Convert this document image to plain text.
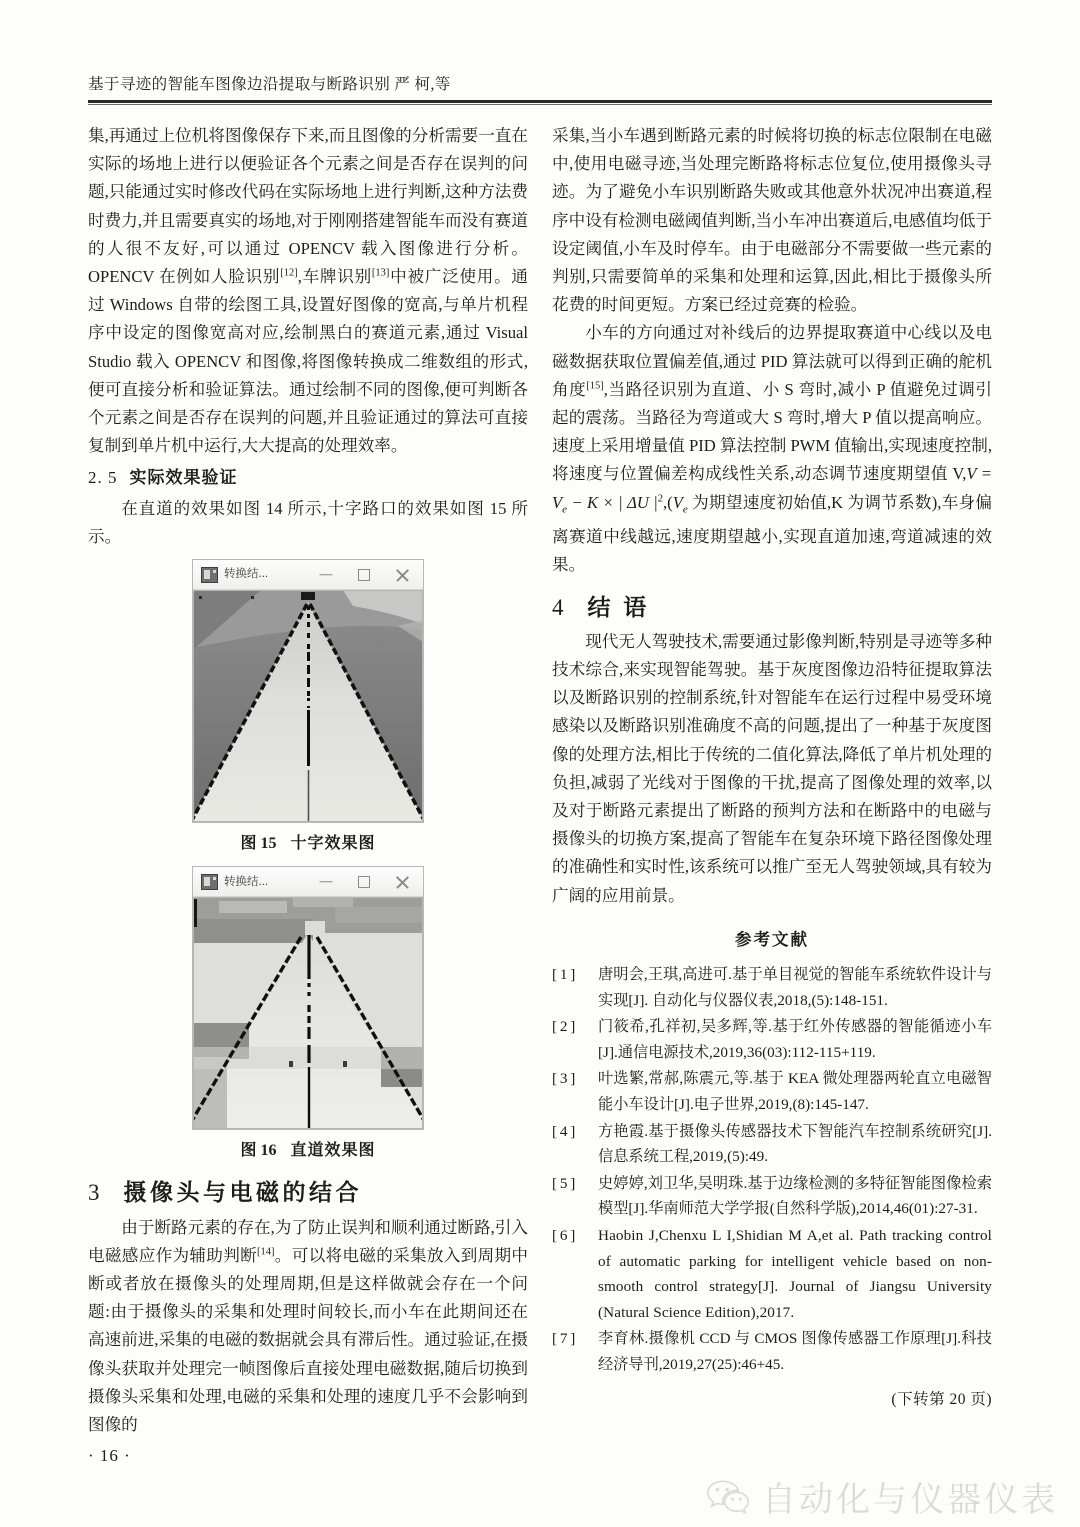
基于寻迹的智能车图像边沿提取与断路识别 严 柯,等

集,再通过上位机将图像保存下来,而且图像的分析需要一直在实际的场地上进行以便验证各个元素之间是否存在误判的问题,只能通过实时修改代码在实际场地上进行判断,这种方法费时费力,并且需要真实的场地,对于刚刚搭建智能车而没有赛道的人很不友好,可以通过 OPENCV 载入图像进行分析。OPENCV 在例如人脸识别[12],车牌识别[13]中被广泛使用。通过 Windows 自带的绘图工具,设置好图像的宽高,与单片机程序中设定的图像宽高对应,绘制黑白的赛道元素,通过 Visual Studio 载入 OPENCV 和图像,将图像转换成二维数组的形式,便可直接分析和验证算法。通过绘制不同的图像,便可判断各个元素之间是否存在误判的问题,并且验证通过的算法可直接复制到单片机中运行,大大提高的处理效率。

2. 5 实际效果验证

在直道的效果如图 14 所示,十字路口的效果如图 15 所示。

转换结...
图 15 十字效果图
转换结...
图 16 直道效果图
3 摄像头与电磁的结合

由于断路元素的存在,为了防止误判和顺利通过断路,引入电磁感应作为辅助判断[14]。可以将电磁的采集放入到周期中断或者放在摄像头的处理周期,但是这样做就会存在一个问题:由于摄像头的采集和处理时间较长,而小车在此期间还在高速前进,采集的电磁的数据就会具有滞后性。通过验证,在摄像头获取并处理完一帧图像后直接处理电磁数据,随后切换到摄像头采集和处理,电磁的采集和处理的速度几乎不会影响到图像的

采集,当小车遇到断路元素的时候将切换的标志位限制在电磁中,使用电磁寻迹,当处理完断路将标志位复位,使用摄像头寻迹。为了避免小车识别断路失败或其他意外状况冲出赛道,程序中设有检测电磁阈值判断,当小车冲出赛道后,电感值均低于设定阈值,小车及时停车。由于电磁部分不需要做一些元素的判别,只需要简单的采集和处理和运算,因此,相比于摄像头所花费的时间更短。方案已经过竞赛的检验。

小车的方向通过对补线后的边界提取赛道中心线以及电磁数据获取位置偏差值,通过 PID 算法就可以得到正确的舵机角度[15],当路径识别为直道、小 S 弯时,减小 P 值避免过调引起的震荡。当路径为弯道或大 S 弯时,增大 P 值以提高响应。速度上采用增量值 PID 算法控制 PWM 值输出,实现速度控制,将速度与位置偏差构成线性关系,动态调节速度期望值 $V,V = V_e - K$ × | ΔU $|^2,(V_e$ 为期望速度初始值,K 为调节系数),车身偏离赛道中线越远,速度期望越小,实现直道加速,弯道减速的效果。

4 结 语

现代无人驾驶技术,需要通过影像判断,特别是寻迹等多种技术综合,来实现智能驾驶。基于灰度图像边沿特征提取算法以及断路识别的控制系统,针对智能车在运行过程中易受环境感染以及断路识别准确度不高的问题,提出了一种基于灰度图像的处理方法,相比于传统的二值化算法,降低了单片机处理的负担,减弱了光线对于图像的干扰,提高了图像处理的效率,以及对于断路元素提出了断路的预判方法和在断路中的电磁与摄像头的切换方案,提高了智能车在复杂环境下路径图像处理的准确性和实时性,该系统可以推广至无人驾驶领域,具有较为广阔的应用前景。

参考文献
[ 1 ]	唐明会,王琪,高进可.基于单目视觉的智能车系统软件设计与实现[J]. 自动化与仪器仪表,2018,(5):148-151.
[ 2 ]	门筱希,孔祥初,吴多辉,等.基于红外传感器的智能循迹小车[J].通信电源技术,2019,36(03):112-115+119.
[ 3 ]	叶选繁,常郝,陈震元,等.基于 KEA 微处理器两轮直立电磁智能小车设计[J].电子世界,2019,(8):145-147.
[ 4 ]	方艳霞.基于摄像头传感器技术下智能汽车控制系统研究[J].信息系统工程,2019,(5):49.
[ 5 ]	史婷婷,刘卫华,吴明珠.基于边缘检测的多特征智能图像检索模型[J].华南师范大学学报(自然科学版),2014,46(01):27-31.
[ 6 ]	Haobin J,Chenxu L I,Shidian M A,et al. Path tracking control of automatic parking for intelligent vehicle based on non-smooth control strategy[J]. Journal of Jiangsu University (Natural Science Edition),2017.
[ 7 ]	李育林.摄像机 CCD 与 CMOS 图像传感器工作原理[J].科技经济导刊,2019,27(25):46+45.
(下转第 20 页)
· 16 ·
自动化与仪器仪表
